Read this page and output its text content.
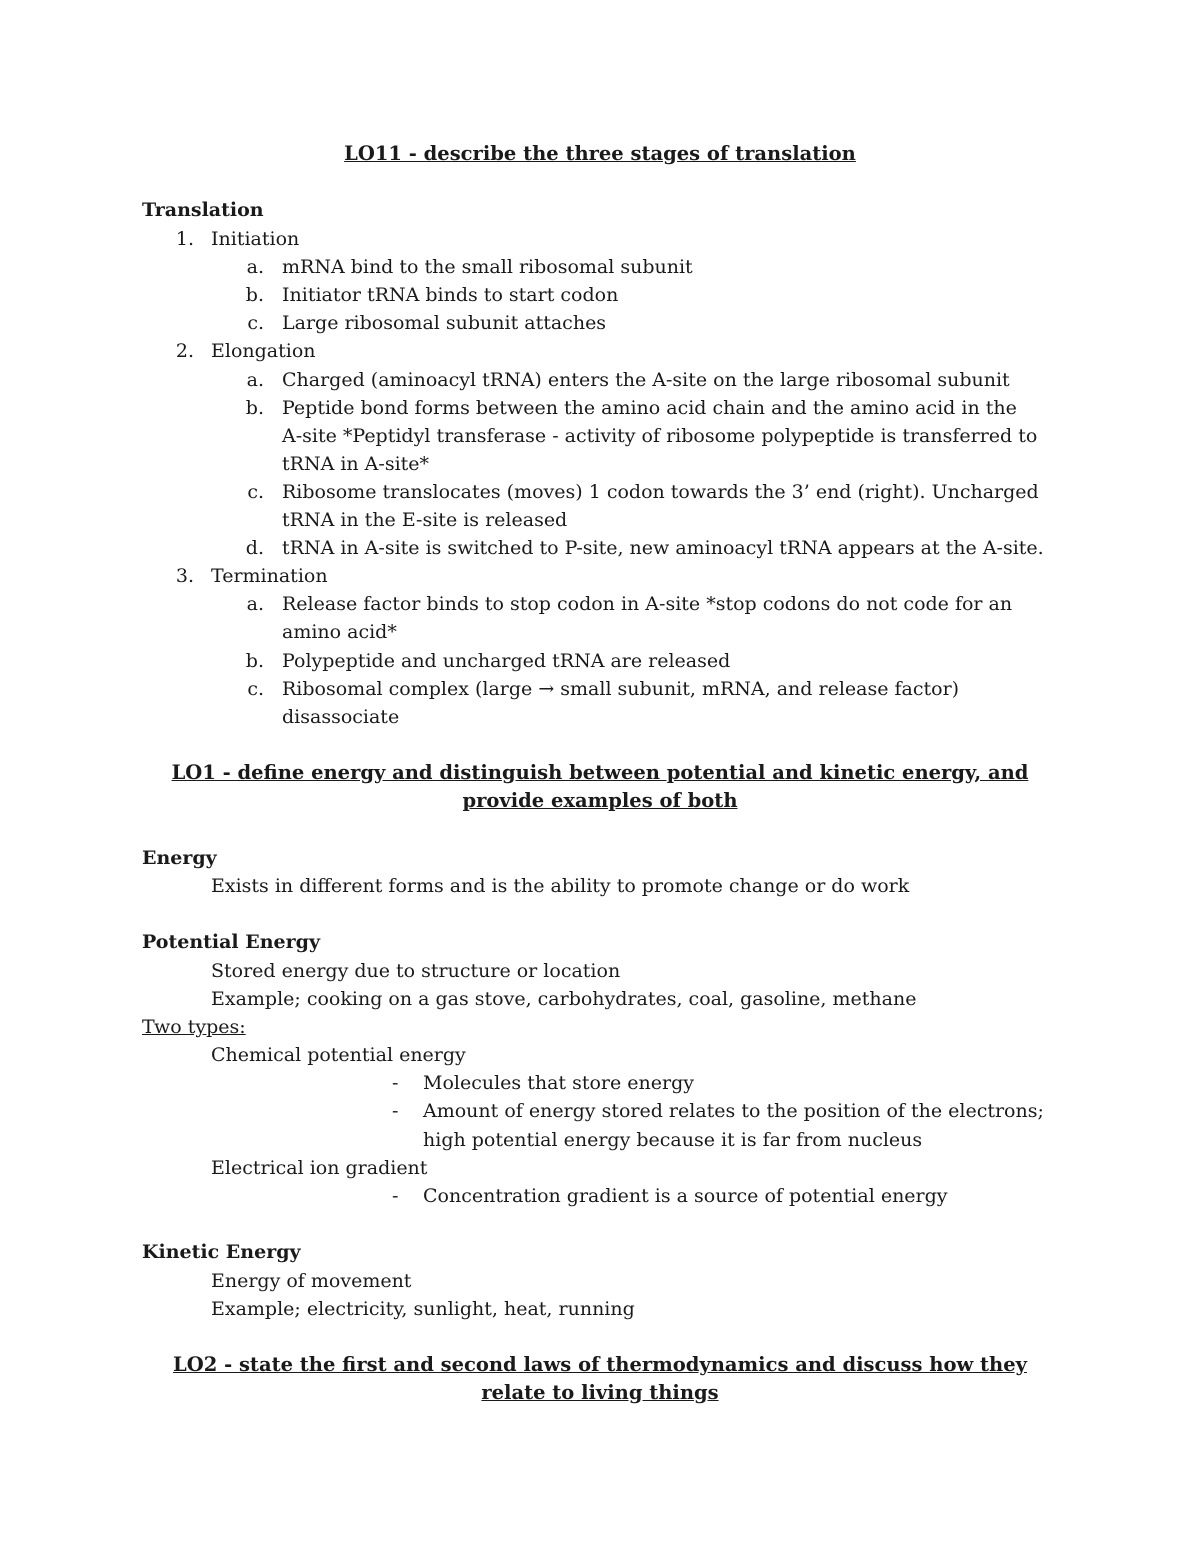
LO11 - describe the three stages of translation

Translation

1. Initiation

a. mRNA bind to the small ribosomal subunit

b. Initiator tRNA binds to start codon

c. Large ribosomal subunit attaches

2. Elongation

a. Charged (aminoacyl tRNA) enters the A-site on the large ribosomal subunit

b. Peptide bond forms between the amino acid chain and the amino acid in the

A-site *Peptidyl transferase - activity of ribosome polypeptide is transferred to

tRNA in A-site*

c. Ribosome translocates (moves) 1 codon towards the 3’ end (right). Uncharged

tRNA in the E-site is released

d. tRNA in A-site is switched to P-site, new aminoacyl tRNA appears at the A-site.

3. Termination

a. Release factor binds to stop codon in A-site *stop codons do not code for an

amino acid*

b. Polypeptide and uncharged tRNA are released

c. Ribosomal complex (large → small subunit, mRNA, and release factor)

disassociate

LO1 - define energy and distinguish between potential and kinetic energy, and

provide examples of both

Energy

Exists in different forms and is the ability to promote change or do work

Potential Energy

Stored energy due to structure or location

Example; cooking on a gas stove, carbohydrates, coal, gasoline, methane

Two types:

Chemical potential energy

- Molecules that store energy

- Amount of energy stored relates to the position of the electrons;

high potential energy because it is far from nucleus

Electrical ion gradient

- Concentration gradient is a source of potential energy

Kinetic Energy

Energy of movement

Example; electricity, sunlight, heat, running

LO2 - state the first and second laws of thermodynamics and discuss how they

relate to living things
